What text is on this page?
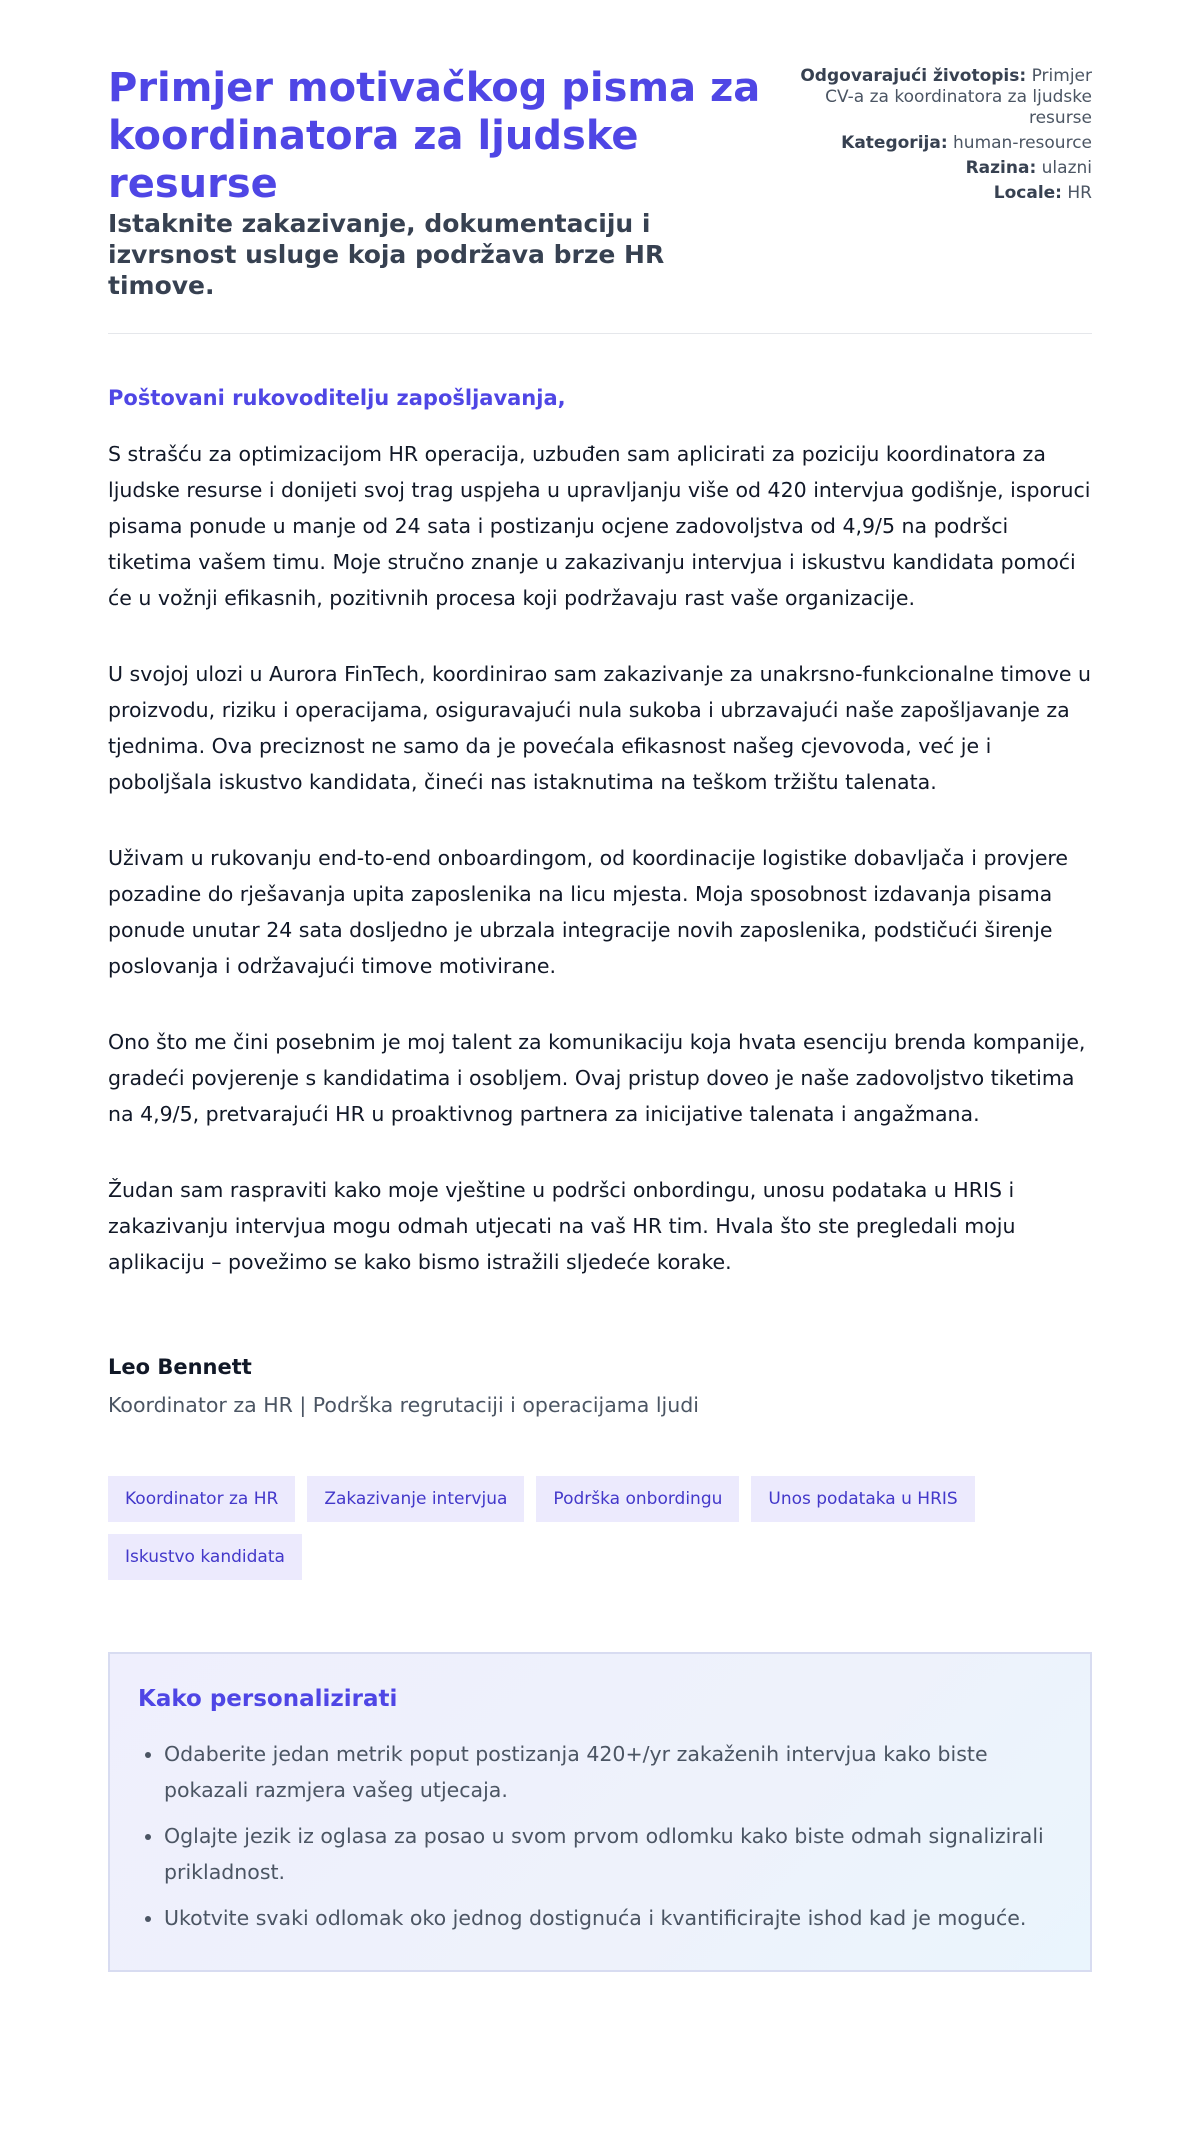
Primjer motivačkog pisma za koordinatora za ljudske resurse
Istaknite zakazivanje, dokumentaciju i izvrsnost usluge koja podržava brze HR timove.
Odgovarajući životopis: Primjer CV-a za koordinatora za ljudske resurse
Kategorija: human-resource
Razina: ulazni
Locale: HR

Poštovani rukovoditelju zapošljavanja,

S strašću za optimizacijom HR operacija, uzbuđen sam aplicirati za poziciju koordinatora za ljudske resurse i donijeti svoj trag uspjeha u upravljanju više od 420 intervjua godišnje, isporuci pisama ponude u manje od 24 sata i postizanju ocjene zadovoljstva od 4,9/5 na podršci tiketima vašem timu. Moje stručno znanje u zakazivanju intervjua i iskustvu kandidata pomoći će u vožnji efikasnih, pozitivnih procesa koji podržavaju rast vaše organizacije.

U svojoj ulozi u Aurora FinTech, koordinirao sam zakazivanje za unakrsno-funkcionalne timove u proizvodu, riziku i operacijama, osiguravajući nula sukoba i ubrzavajući naše zapošljavanje za tjednima. Ova preciznost ne samo da je povećala efikasnost našeg cjevovoda, već je i poboljšala iskustvo kandidata, čineći nas istaknutima na teškom tržištu talenata.

Uživam u rukovanju end-to-end onboardingom, od koordinacije logistike dobavljača i provjere pozadine do rješavanja upita zaposlenika na licu mjesta. Moja sposobnost izdavanja pisama ponude unutar 24 sata dosljedno je ubrzala integracije novih zaposlenika, podstičući širenje poslovanja i održavajući timove motivirane.

Ono što me čini posebnim je moj talent za komunikaciju koja hvata esenciju brenda kompanije, gradeći povjerenje s kandidatima i osobljem. Ovaj pristup doveo je naše zadovoljstvo tiketima na 4,9/5, pretvarajući HR u proaktivnog partnera za inicijative talenata i angažmana.

Žudan sam raspraviti kako moje vještine u podršci onbordingu, unosu podataka u HRIS i zakazivanju intervjua mogu odmah utjecati na vaš HR tim. Hvala što ste pregledali moju aplikaciju – povežimo se kako bismo istražili sljedeće korake.

Leo Bennett

Koordinator za HR | Podrška regrutaciji i operacijama ljudi

Koordinator za HR	Zakazivanje intervjua	Podrška onbordingu	Unos podataka u HRIS
Iskustvo kandidata
Kako personalizirati
• Odaberite jedan metrik poput postizanja 420+/yr zakaženih intervjua kako biste pokazali razmjera vašeg utjecaja.
• Oglajte jezik iz oglasa za posao u svom prvom odlomku kako biste odmah signalizirali prikladnost.
• Ukotvite svaki odlomak oko jednog dostignuća i kvantificirajte ishod kad je moguće.
